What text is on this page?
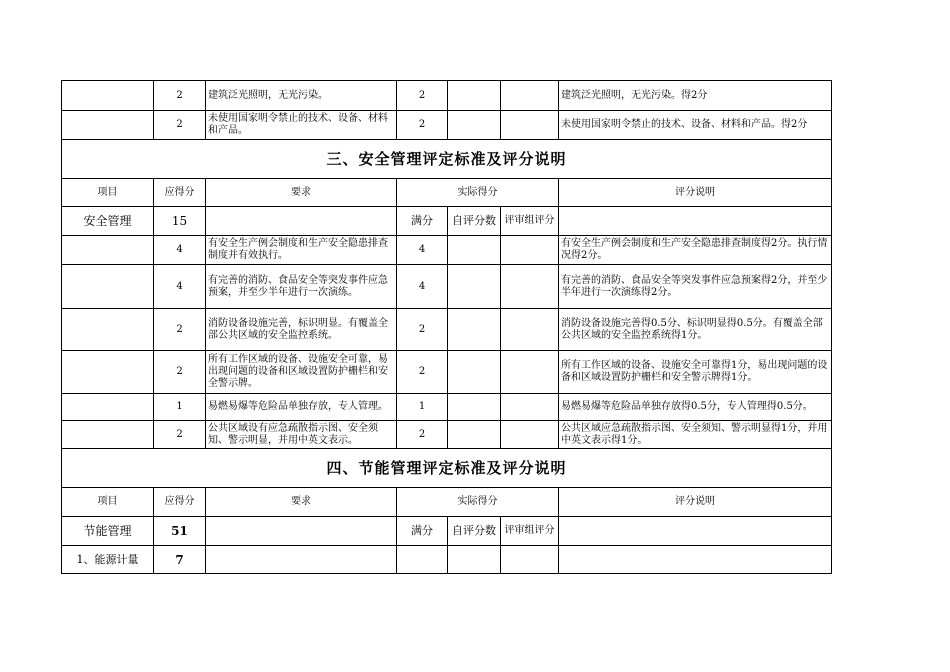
	2	建筑泛光照明，无光污染。	2			建筑泛光照明，无光污染。得2分
	2	未使用国家明令禁止的技术、设备、材料和产品。	2			未使用国家明令禁止的技术、设备、材料和产品。得2分
三、安全管理评定标准及评分说明						
项目	应得分	要求	实际得分			评分说明
安全管理	15		满分	自评分数	评审组评分	
	4	有安全生产例会制度和生产安全隐患排查制度并有效执行。	4			有安全生产例会制度和生产安全隐患排查制度得2分。执行情况得2分。
	4	有完善的消防、食品安全等突发事件应急预案，并至少半年进行一次演练。	4			有完善的消防、食品安全等突发事件应急预案得2分，并至少半年进行一次演练得2分。
	2	消防设备设施完善，标识明显。有覆盖全部公共区域的安全监控系统。	2			消防设备设施完善得0.5分、标识明显得0.5分。有覆盖全部公共区域的安全监控系统得1分。
	2	所有工作区域的设备、设施安全可靠，易出现问题的设备和区域设置防护栅栏和安全警示牌。	2			所有工作区域的设备、设施安全可靠得1分，易出现问题的设备和区域设置防护栅栏和安全警示牌得1分。
	1	易燃易爆等危险品单独存放，专人管理。	1			易燃易爆等危险品单独存放得0.5分，专人管理得0.5分。
	2	公共区域设有应急疏散指示图、安全须知、警示明显，并用中英文表示。	2			公共区域应急疏散指示图、安全须知、警示明显得1分，并用中英文表示得1分。
四、节能管理评定标准及评分说明						
项目	应得分	要求	实际得分			评分说明
节能管理	51		满分	自评分数	评审组评分	
1、能源计量	7					
